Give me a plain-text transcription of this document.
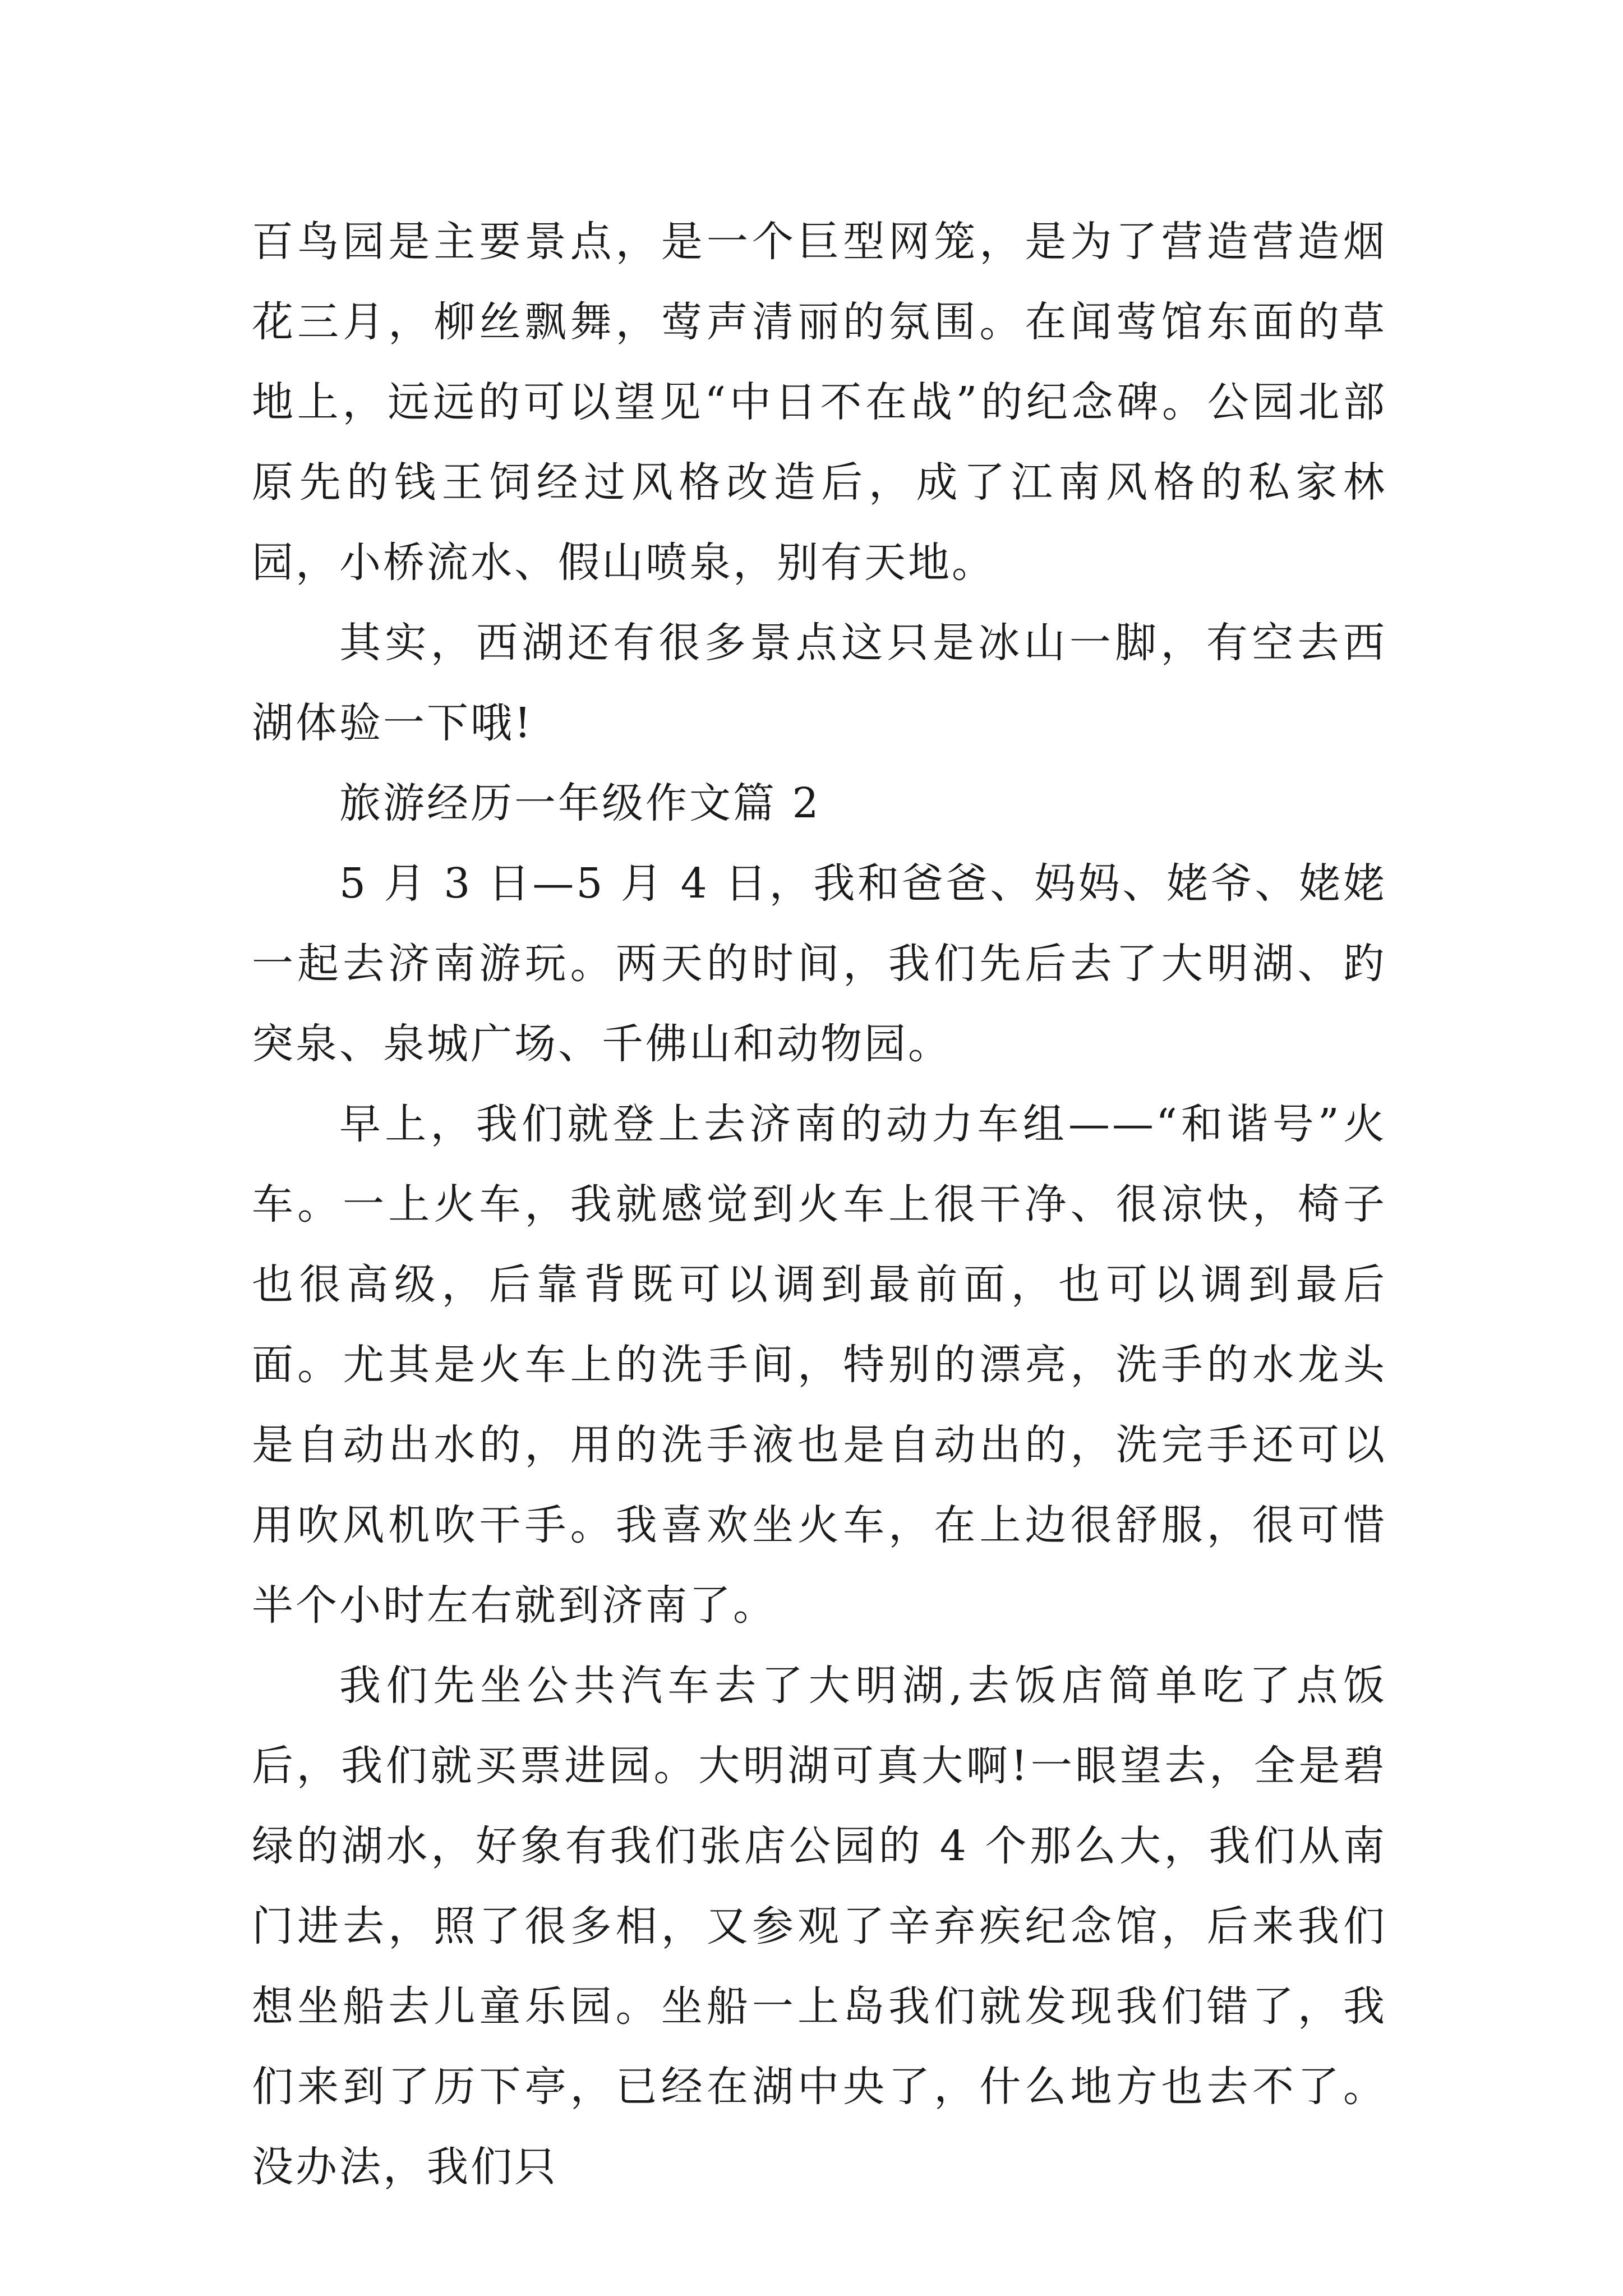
百鸟园是主要景点，是一个巨型网笼，是为了营造营造烟花三月，柳丝飘舞，莺声清丽的氛围。在闻莺馆东面的草地上，远远的可以望见“中日不在战”的纪念碑。公园北部原先的钱王饲经过风格改造后，成了江南风格的私家林园，小桥流水、假山喷泉，别有天地。

其实，西湖还有很多景点这只是冰山一脚，有空去西湖体验一下哦!

旅游经历一年级作文篇 2

5 月 3 日—5 月 4 日，我和爸爸、妈妈、姥爷、姥姥一起去济南游玩。两天的时间，我们先后去了大明湖、趵突泉、泉城广场、千佛山和动物园。

早上，我们就登上去济南的动力车组——“和谐号”火车。一上火车，我就感觉到火车上很干净、很凉快，椅子也很高级，后靠背既可以调到最前面，也可以调到最后面。尤其是火车上的洗手间，特别的漂亮，洗手的水龙头是自动出水的，用的洗手液也是自动出的，洗完手还可以用吹风机吹干手。我喜欢坐火车，在上边很舒服，很可惜半个小时左右就到济南了。

我们先坐公共汽车去了大明湖,去饭店简单吃了点饭后，我们就买票进园。大明湖可真大啊!一眼望去，全是碧绿的湖水，好象有我们张店公园的 4 个那么大，我们从南门进去，照了很多相，又参观了辛弃疾纪念馆，后来我们想坐船去儿童乐园。坐船一上岛我们就发现我们错了，我们来到了历下亭，已经在湖中央了，什么地方也去不了。没办法，我们只
